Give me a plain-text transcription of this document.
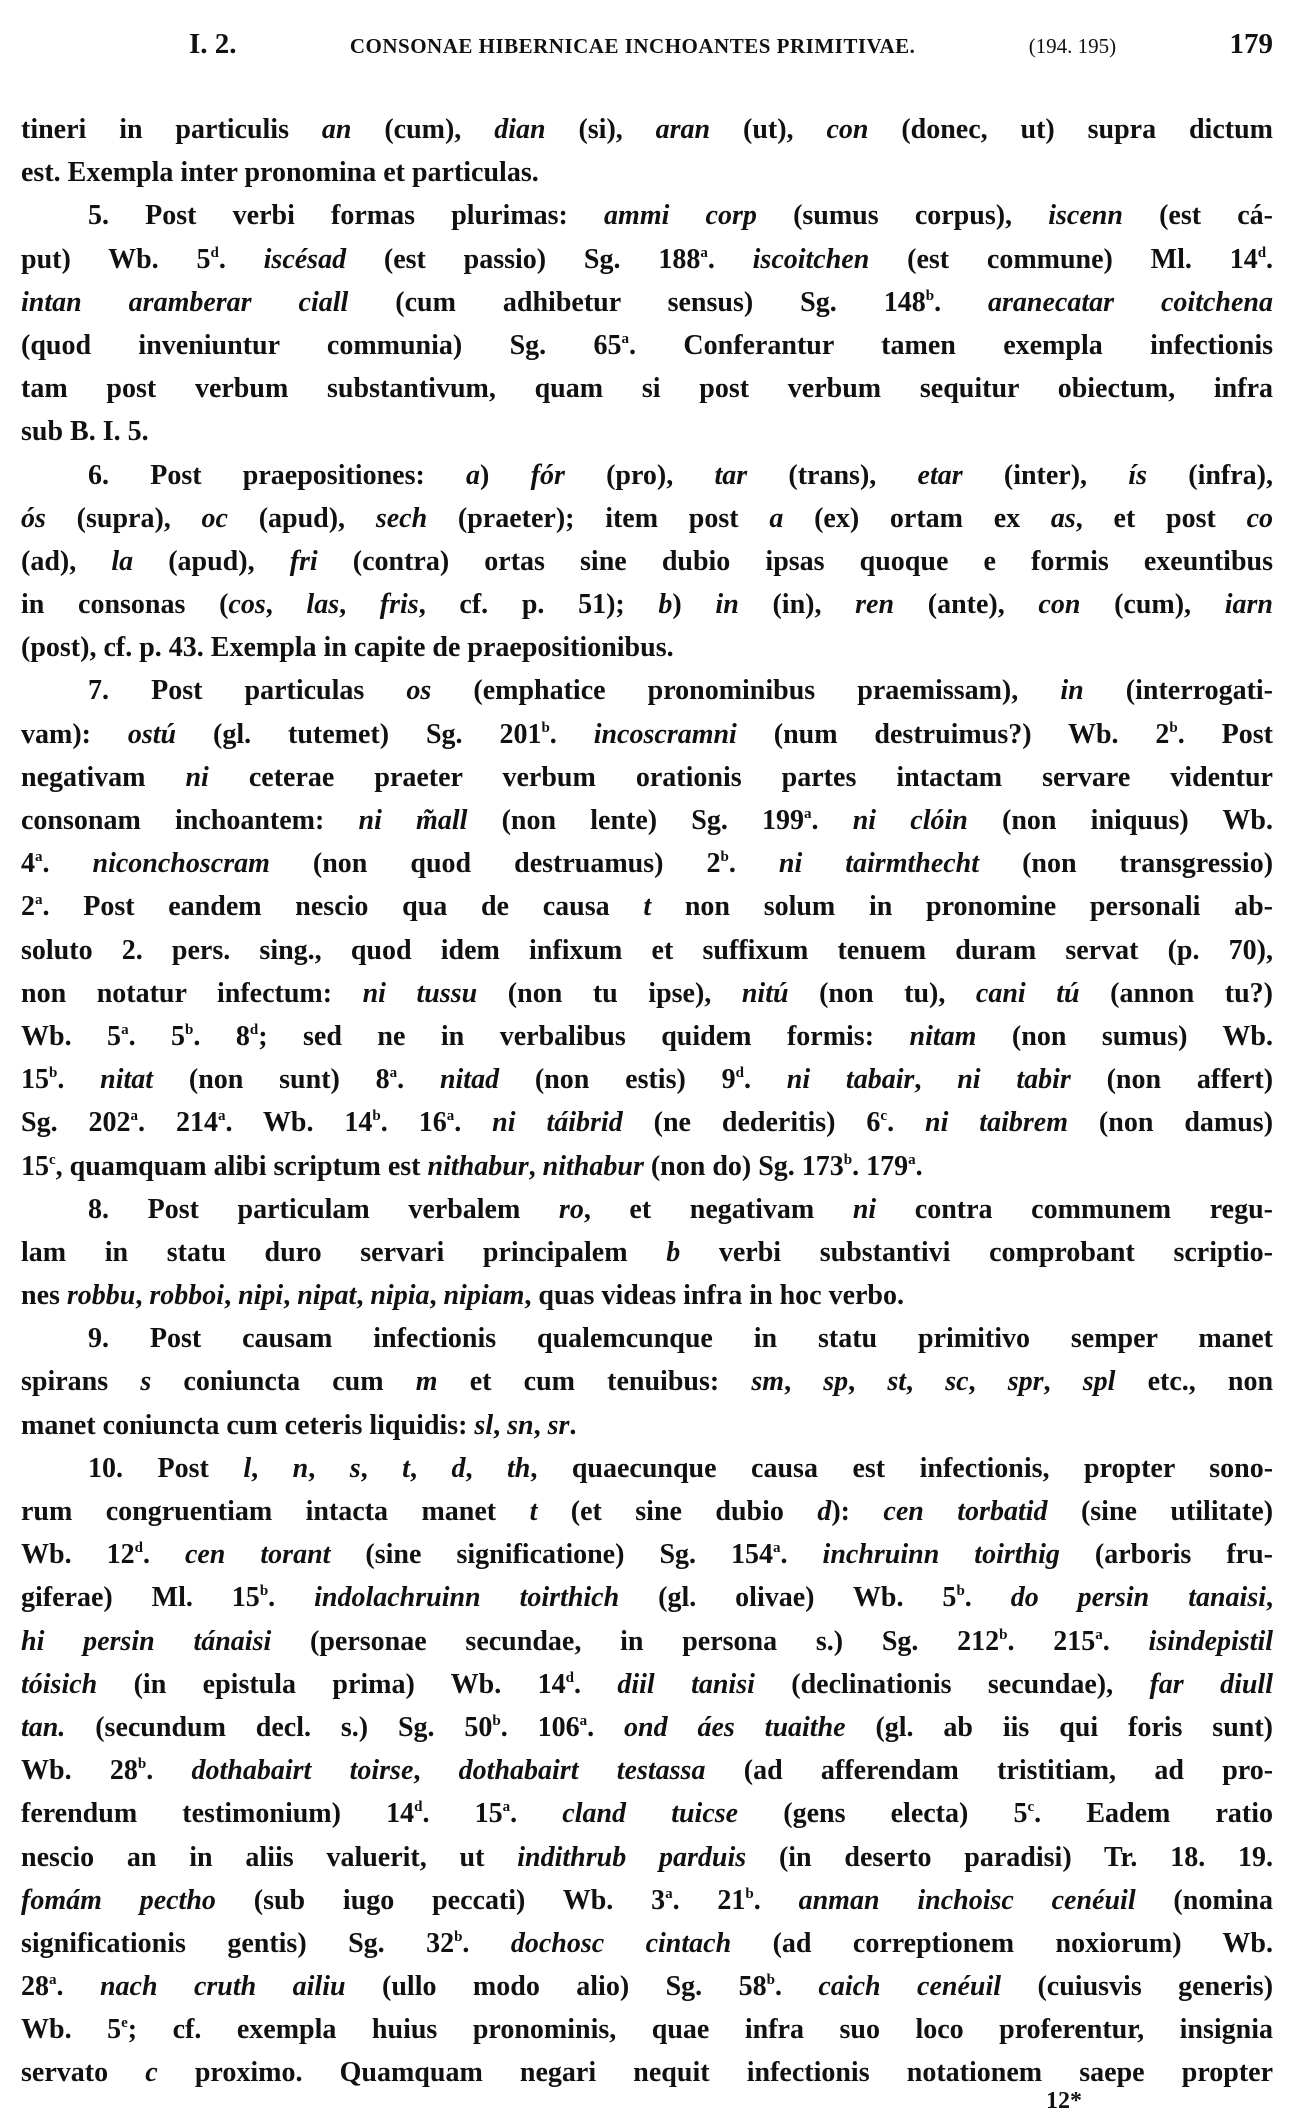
I. 2.	CONSONAE HIBERNICAE INCHOANTES PRIMITIVAE.	(194. 195)	179
tineri in particulis an (cum), dian (si), aran (ut), con (donec, ut) supra dictum
est. Exempla inter pronomina et particulas.
5. Post verbi formas plurimas: ammi corp (sumus corpus), iscenn (est cá-
put) Wb. 5$^d$. iscésad (est passio) Sg. 188$^a$. iscoitchen (est commune) Ml. 14$^d$.
intan aramberar ciall (cum adhibetur sensus) Sg. 148$^b$. aranecatar coitchena
(quod inveniuntur communia) Sg. 65$^a$. Conferantur tamen exempla infectionis
tam post verbum substantivum, quam si post verbum sequitur obiectum, infra
sub B. I. 5.
6. Post praepositiones: a) fór (pro), tar (trans), etar (inter), ís (infra),
ós (supra), oc (apud), sech (praeter); item post a (ex) ortam ex as, et post co
(ad), la (apud), fri (contra) ortas sine dubio ipsas quoque e formis exeuntibus
in consonas (cos, las, fris, cf. p. 51); b) in (in), ren (ante), con (cum), iarn
(post), cf. p. 43. Exempla in capite de praepositionibus.
7. Post particulas os (emphatice pronominibus praemissam), in (interrogati-
vam): ostú (gl. tutemet) Sg. 201$^b$. incoscramni (num destruimus?) Wb. 2$^b$. Post
negativam ni ceterae praeter verbum orationis partes intactam servare videntur
consonam inchoantem: ni m̃all (non lente) Sg. 199$^a$. ni clóin (non iniquus) Wb.
4$^a$. niconchoscram (non quod destruamus) 2$^b$. ni tairmthecht (non transgressio)
2$^a$. Post eandem nescio qua de causa t non solum in pronomine personali ab-
soluto 2. pers. sing., quod idem infixum et suffixum tenuem duram servat (p. 70),
non notatur infectum: ni tussu (non tu ipse), nitú (non tu), cani tú (annon tu?)
Wb. 5$^a$. 5$^b$. 8$^d$; sed ne in verbalibus quidem formis: nitam (non sumus) Wb.
15$^b$. nitat (non sunt) 8$^a$. nitad (non estis) 9$^d$. ni tabair, ni tabir (non affert)
Sg. 202$^a$. 214$^a$. Wb. 14$^b$. 16$^a$. ni táibrid (ne dederitis) 6$^c$. ni taibrem (non damus)
15$^c$, quamquam alibi scriptum est nithabur, nithabur (non do) Sg. 173$^b$. 179$^a$.
8. Post particulam verbalem ro, et negativam ni contra communem regu-
lam in statu duro servari principalem b verbi substantivi comprobant scriptio-
nes robbu, robboi, nipi, nipat, nipia, nipiam, quas videas infra in hoc verbo.
9. Post causam infectionis qualemcunque in statu primitivo semper manet
spirans s coniuncta cum m et cum tenuibus: sm, sp, st, sc, spr, spl etc., non
manet coniuncta cum ceteris liquidis: sl, sn, sr.
10. Post l, n, s, t, d, th, quaecunque causa est infectionis, propter sono-
rum congruentiam intacta manet t (et sine dubio d): cen torbatid (sine utilitate)
Wb. 12$^d$. cen torant (sine significatione) Sg. 154$^a$. inchruinn toirthig (arboris fru-
giferae) Ml. 15$^b$. indolachruinn toirthich (gl. olivae) Wb. 5$^b$. do persin tanaisi,
hi persin tánaisi (personae secundae, in persona s.) Sg. 212$^b$. 215$^a$. isindepistil
tóisich (in epistula prima) Wb. 14$^d$. diil tanisi (declinationis secundae), far diull
tan. (secundum decl. s.) Sg. 50$^b$. 106$^a$. ond áes tuaithe (gl. ab iis qui foris sunt)
Wb. 28$^b$. dothabairt toirse, dothabairt testassa (ad afferendam tristitiam, ad pro-
ferendum testimonium) 14$^d$. 15$^a$. cland tuicse (gens electa) 5$^c$. Eadem ratio
nescio an in aliis valuerit, ut indithrub parduis (in deserto paradisi) Tr. 18. 19.
fomám pectho (sub iugo peccati) Wb. 3$^a$. 21$^b$. anman inchoisc cenéuil (nomina
significationis gentis) Sg. 32$^b$. dochosc cintach (ad correptionem noxiorum) Wb.
28$^a$. nach cruth ailiu (ullo modo alio) Sg. 58$^b$. caich cenéuil (cuiusvis generis)
Wb. 5e; cf. exempla huius pronominis, quae infra suo loco proferentur, insignia
servato c proximo. Quamquam negari nequit infectionis notationem saepe propter
12*
